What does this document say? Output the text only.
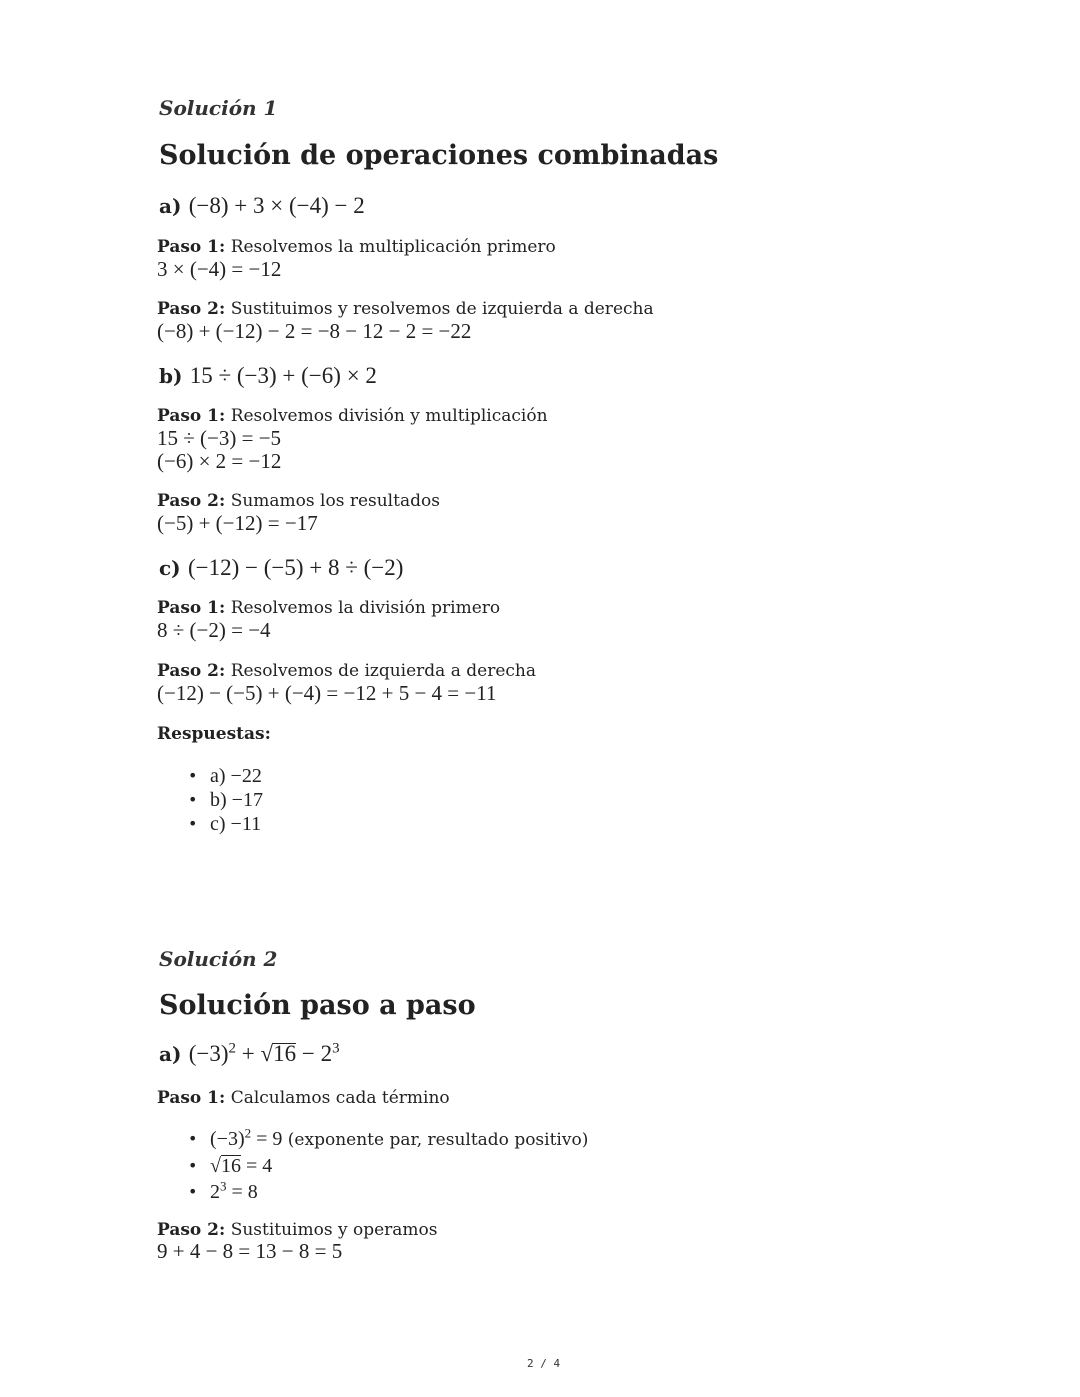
Solución 1
Solución de operaciones combinadas
a) (−8) + 3 × (−4) − 2
Paso 1: Resolvemos la multiplicación primero
3 × (−4) = −12
Paso 2: Sustituimos y resolvemos de izquierda a derecha
(−8) + (−12) − 2 = −8 − 12 − 2 = −22
b) 15 ÷ (−3) + (−6) × 2
Paso 1: Resolvemos división y multiplicación
15 ÷ (−3) = −5
(−6) × 2 = −12
Paso 2: Sumamos los resultados
(−5) + (−12) = −17
c) (−12) − (−5) + 8 ÷ (−2)
Paso 1: Resolvemos la división primero
8 ÷ (−2) = −4
Paso 2: Resolvemos de izquierda a derecha
(−12) − (−5) + (−4) = −12 + 5 − 4 = −11
Respuestas:
• a) −22
• b) −17
• c) −11
Solución 2
Solución paso a paso
a) $(-3)^2 + √16 - 2^3$
Paso 1: Calculamos cada término
• $(-3)^2 = 9$ (exponente par, resultado positivo)
• √16 = 4
• $2^3 = 8$
Paso 2: Sustituimos y operamos
9 + 4 − 8 = 13 − 8 = 5
2 / 4
